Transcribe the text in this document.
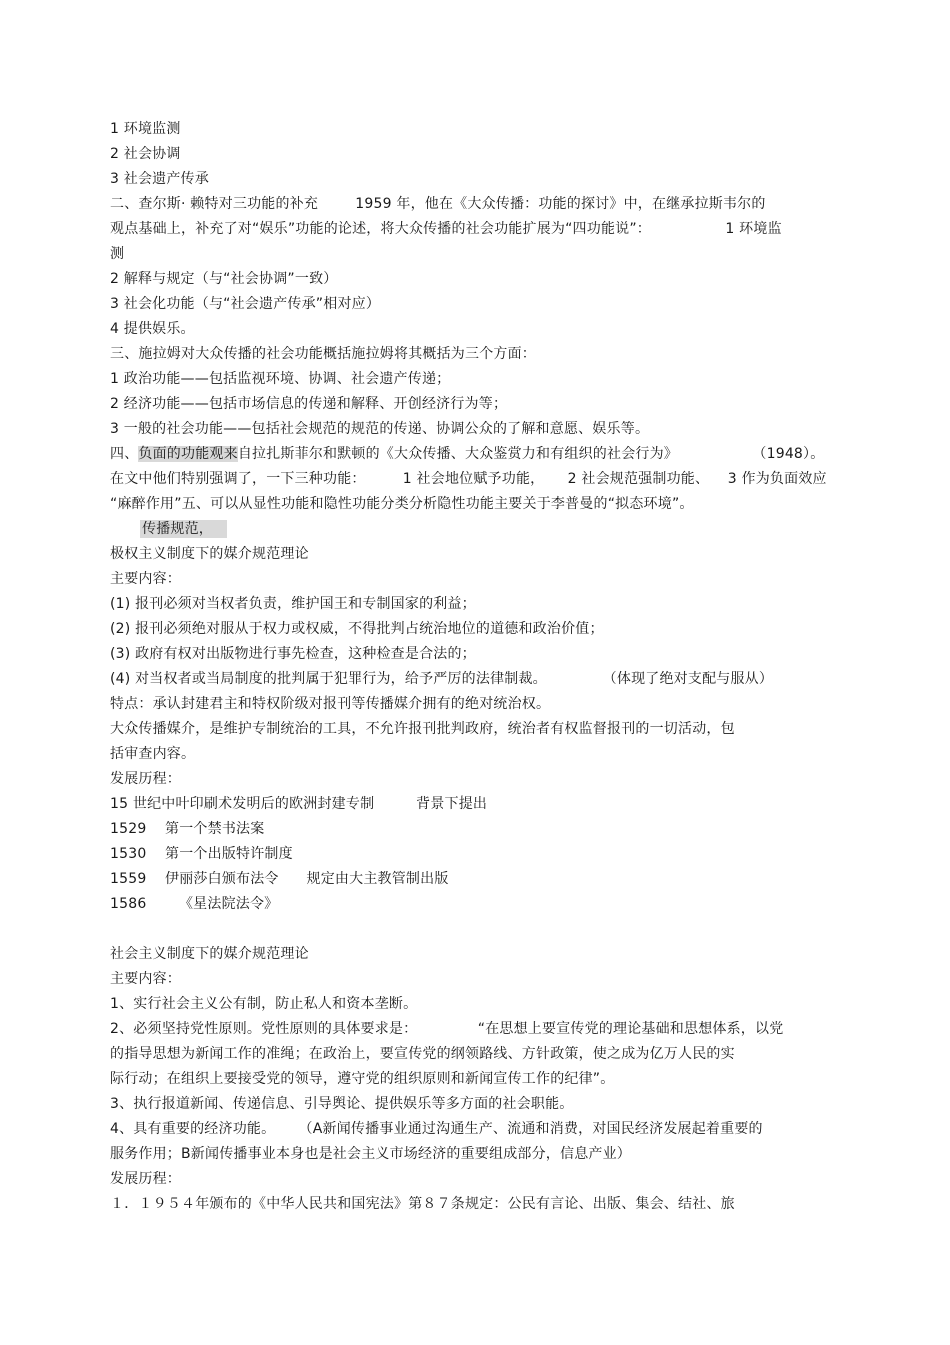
1 环境监测
2 社会协调
3 社会遗产传承
二、查尔斯· 赖特对三功能的补充        1959 年，他在《大众传播：功能的探讨》中，在继承拉斯韦尔的
观点基础上，补充了对“娱乐”功能的论述，将大众传播的社会功能扩展为“四功能说”：                1 环境监
测
2 解释与规定（与“社会协调”一致）
3 社会化功能（与“社会遗产传承”相对应）
4 提供娱乐。
三、施拉姆对大众传播的社会功能概括施拉姆将其概括为三个方面：
1 政治功能——包括监视环境、协调、社会遗产传递；
2 经济功能——包括市场信息的传递和解释、开创经济行为等；
3 一般的社会功能——包括社会规范的规范的传递、协调公众的了解和意愿、娱乐等。
四、负面的功能观来自拉扎斯菲尔和默顿的《大众传播、大众鉴赏力和有组织的社会行为》                （1948）。
在文中他们特别强调了，一下三种功能：        1 社会地位赋予功能，     2 社会规范强制功能、    3 作为负面效应
“麻醉作用”五、可以从显性功能和隐性功能分类分析隐性功能主要关于李普曼的“拟态环境”。
传播规范，
极权主义制度下的媒介规范理论
主要内容：
(1) 报刊必须对当权者负责，维护国王和专制国家的利益；
(2) 报刊必须绝对服从于权力或权威，不得批判占统治地位的道德和政治价值；
(3) 政府有权对出版物进行事先检查，这种检查是合法的；
(4) 对当权者或当局制度的批判属于犯罪行为，给予严厉的法律制裁。            （体现了绝对支配与服从）
特点：承认封建君主和特权阶级对报刊等传播媒介拥有的绝对统治权。
大众传播媒介，是维护专制统治的工具，不允许报刊批判政府，统治者有权监督报刊的一切活动，包
括审查内容。
发展历程：
15 世纪中叶印刷术发明后的欧洲封建专制         背景下提出
1529    第一个禁书法案
1530    第一个出版特许制度
1559    伊丽莎白颁布法令      规定由大主教管制出版
1586       《星法院法令》
社会主义制度下的媒介规范理论
主要内容：
1、实行社会主义公有制，防止私人和资本垄断。
2、必须坚持党性原则。党性原则的具体要求是：             “在思想上要宣传党的理论基础和思想体系，以党
的指导思想为新闻工作的准绳；在政治上，要宣传党的纲领路线、方针政策，使之成为亿万人民的实
际行动；在组织上要接受党的领导，遵守党的组织原则和新闻宣传工作的纪律”。
3、执行报道新闻、传递信息、引导舆论、提供娱乐等多方面的社会职能。
4、具有重要的经济功能。     （A新闻传播事业通过沟通生产、流通和消费，对国民经济发展起着重要的
服务作用；B新闻传播事业本身也是社会主义市场经济的重要组成部分，信息产业）
发展历程：
１．１９５４年颁布的《中华人民共和国宪法》第８７条规定：公民有言论、出版、集会、结社、旅
